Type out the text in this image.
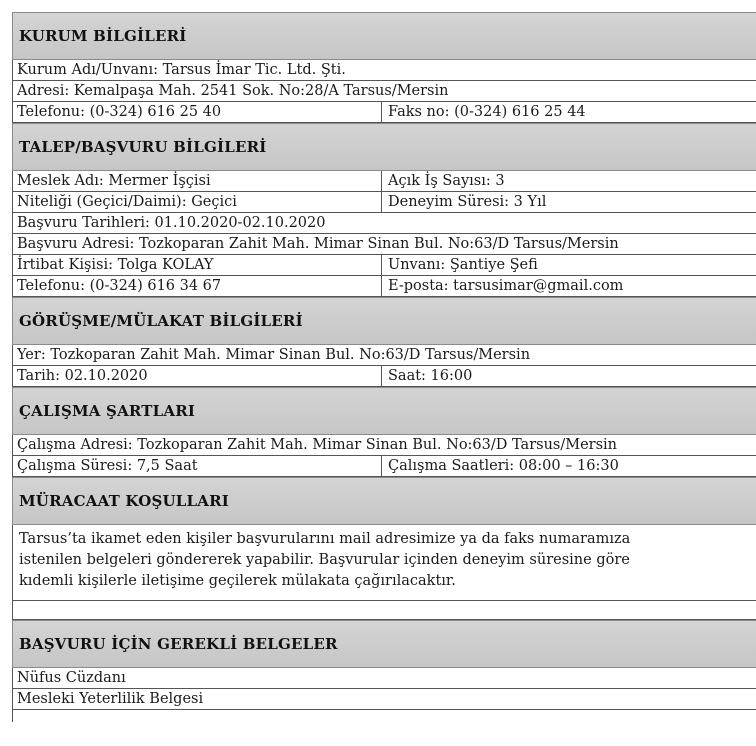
KURUM BİLGİLERİ
Kurum Adı/Unvanı: Tarsus İmar Tic. Ltd. Şti.
Adresi: Kemalpaşa Mah. 2541 Sok. No:28/A Tarsus/Mersin
Telefonu: (0-324) 616 25 40	Faks no: (0-324) 616 25 44
TALEP/BAŞVURU BİLGİLERİ
Meslek Adı: Mermer İşçisi	Açık İş Sayısı: 3
Niteliği (Geçici/Daimi): Geçici	Deneyim Süresi: 3 Yıl
Başvuru Tarihleri: 01.10.2020-02.10.2020
Başvuru Adresi: Tozkoparan Zahit Mah. Mimar Sinan Bul. No:63/D Tarsus/Mersin
İrtibat Kişisi: Tolga KOLAY	Unvanı: Şantiye Şefi
Telefonu: (0-324) 616 34 67	E-posta: tarsusimar@gmail.com
GÖRÜŞME/MÜLAKAT BİLGİLERİ
Yer: Tozkoparan Zahit Mah. Mimar Sinan Bul. No:63/D Tarsus/Mersin
Tarih: 02.10.2020	Saat: 16:00
ÇALIŞMA ŞARTLARI
Çalışma Adresi: Tozkoparan Zahit Mah. Mimar Sinan Bul. No:63/D Tarsus/Mersin
Çalışma Süresi: 7,5 Saat	Çalışma Saatleri: 08:00 – 16:30
MÜRACAAT KOŞULLARI
Tarsus’ta ikamet eden kişiler başvurularını mail adresimize ya da faks numaramıza
istenilen belgeleri göndererek yapabilir. Başvurular içinden deneyim süresine göre
kıdemli kişilerle iletişime geçilerek mülakata çağırılacaktır.
BAŞVURU İÇİN GEREKLİ BELGELER
Nüfus Cüzdanı
Mesleki Yeterlilik Belgesi
